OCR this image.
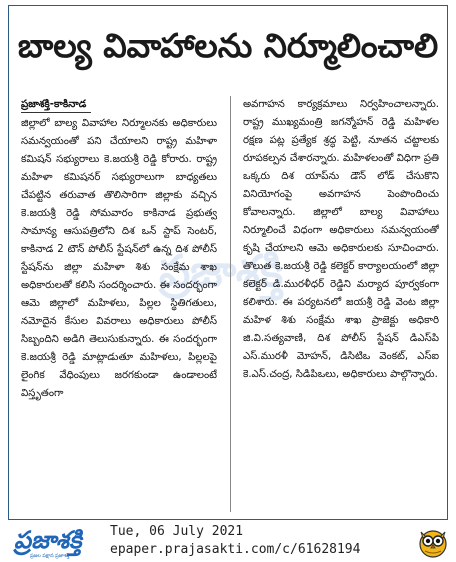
బాల్య వివాహాలను నిర్మూలించాలి
ప్రజాశక్తి
ప్రజాశక్తి-కాకినాడ
జిల్లాలో బాల్య వివాహాల నిర్మూలనకు అధికారులు సమన్వయంతో పని చేయాలని రాష్ట్ర మహిళా కమిషన్ సభ్యురాలు కె.జయశ్రీ రెడ్డి కోరారు. రాష్ట్ర మహిళా కమిషనర్ సభ్యురాలుగా బాధ్యతలు చేపట్టిన తరువాత తొలిసారిగా జిల్లాకు వచ్చిన కె.జయశ్రీ రెడ్డి సోమవారం కాకినాడ ప్రభుత్వ సామాన్య ఆసుపత్రిలోని దిశ ఒన్ స్టాప్ సెంటర్, కాకినాడ 2 టౌన్ పోలీస్ స్టేషన్‌లో ఉన్న దిశ పోలీస్ స్టేషన్‌ను జిల్లా మహిళా శిశు సంక్షేమ శాఖ అధికారులతో కలిసి సందర్శించారు. ఈ సందర్భంగా ఆమె జిల్లాలో మహిళలు, పిల్లల స్థితిగతులు, నమోదైన కేసుల వివరాలు అధికారులు పోలీస్ సిబ్బందిని అడిగి తెలుసుకున్నారు. ఈ సందర్భంగా కె.జయశ్రీ రెడ్డి మాట్లాడుతూ మహిళలు, పిల్లలపై లైంగిక వేధింపులు జరగకుండా ఉండాలంటే విస్తృతంగా
అవగాహన కార్యక్రమాలు నిర్వహించాలన్నారు. రాష్ట్ర ముఖ్యమంత్రి జగన్మోహన్ రెడ్డి మహిళల రక్షణ పట్ల ప్రత్యేక శ్రద్ధ పెట్టి, నూతన చట్టాలకు రూపకల్పన చేశారన్నారు. మహిళలంతో విధిగా ప్రతి ఒక్కరు దిశ యాప్‌ను డౌన్ లోడ్ చేసుకొని వినియోగంపై అవగాహన పెంపొందించు కోవాలన్నారు. జిల్లాలో బాల్య వివాహాలు నిర్మూలించే విధంగా అధికారులు సమన్వయంతో కృషి చేయాలని ఆమె అధికారులకు సూచించారు. తొలుత కె.జయశ్రీ రెడ్డి కలెక్టర్ కార్యాలయంలో జిల్లా కలెక్టర్ డి.మురళీధర్ రెడ్డిని మర్యాద పూర్వకంగా కలిశారు. ఈ పర్యటనలో జయశ్రీ రెడ్డి వెంట జిల్లా మహిళ శిశు సంక్షేమ శాఖ ప్రాజెక్టు అధికారి జి.వి.సత్యవాణి, దిశ పోలీస్ స్టేషన్ డిఎస్‌పి ఎస్.మురళీ మోహన్, డిసిటిఒ వెంకట్, ఎస్ఐ కె.ఎస్.చంద్ర, సిడిపిఒలు, అధికారులు పాల్గొన్నారు.
ప్రజాశక్తి
ప్రజల పక్షాన ప్రజాశక్తి
Tue, 06 July 2021
epaper.prajasakti.com/c/61628194
